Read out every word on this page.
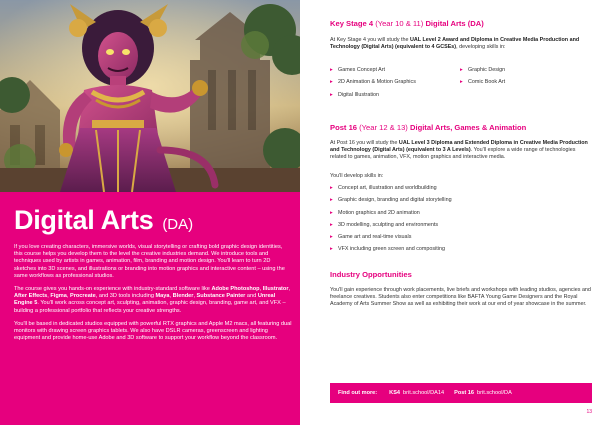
Digital Arts (DA)

If you love creating characters, immersive worlds, visual storytelling or crafting bold graphic design identities, this course helps you develop them to the level the creative industries demand. We introduce tools and techniques used by artists in games, animation, film, branding and motion design. You'll learn to turn 2D sketches into 3D scenes, and illustrations or branding into motion graphics and interactive content – using the same workflows as professional studios.

The course gives you hands-on experience with industry-standard software like Adobe Photoshop, Illustrator, After Effects, Figma, Procreate, and 3D tools including Maya, Blender, Substance Painter and Unreal Engine 5. You'll work across concept art, sculpting, animation, graphic design, branding, game art, and VFX – building a professional portfolio that reflects your creative strengths.

You'll be based in dedicated studios equipped with powerful RTX graphics and Apple M2 macs, all featuring dual monitors with drawing screen graphics tablets. We also have DSLR cameras, greenscreen and lighting equipment and provide home-use Adobe and 3D software to support your workflow beyond the classroom.

Key Stage 4 (Year 10 & 11) Digital Arts (DA)

At Key Stage 4 you will study the UAL Level 2 Award and Diploma in Creative Media Production and Technology (Digital Arts) (equivalent to 4 GCSEs), developing skills in:

▸ Games Concept Art
▸ 2D Animation & Motion Graphics
▸ Digital Illustration
▸ Graphic Design
▸ Comic Book Art
Post 16 (Year 12 & 13) Digital Arts, Games & Animation

At Post 16 you will study the UAL Level 3 Diploma and Extended Diploma in Creative Media Production and Technology (Digital Arts) (equivalent to 3 A Levels). You'll explore a wide range of technologies related to games, animation, VFX, motion graphics and interactive media.

You'll develop skills in:

▸ Concept art, illustration and worldbuilding
▸ Graphic design, branding and digital storytelling
▸ Motion graphics and 2D animation
▸ 3D modelling, sculpting and environments
▸ Game art and real-time visuals
▸ VFX including green screen and compositing
Industry Opportunities

You'll gain experience through work placements, live briefs and workshops with leading studios, agencies and freelance creatives. Students also enter competitions like BAFTA Young Game Designers and the Royal Academy of Arts Summer Show as well as exhibiting their work at our end of year showcase in the summer.

Find out more: KS4 brit.school/DA14 Post 16 brit.school/DA
13
